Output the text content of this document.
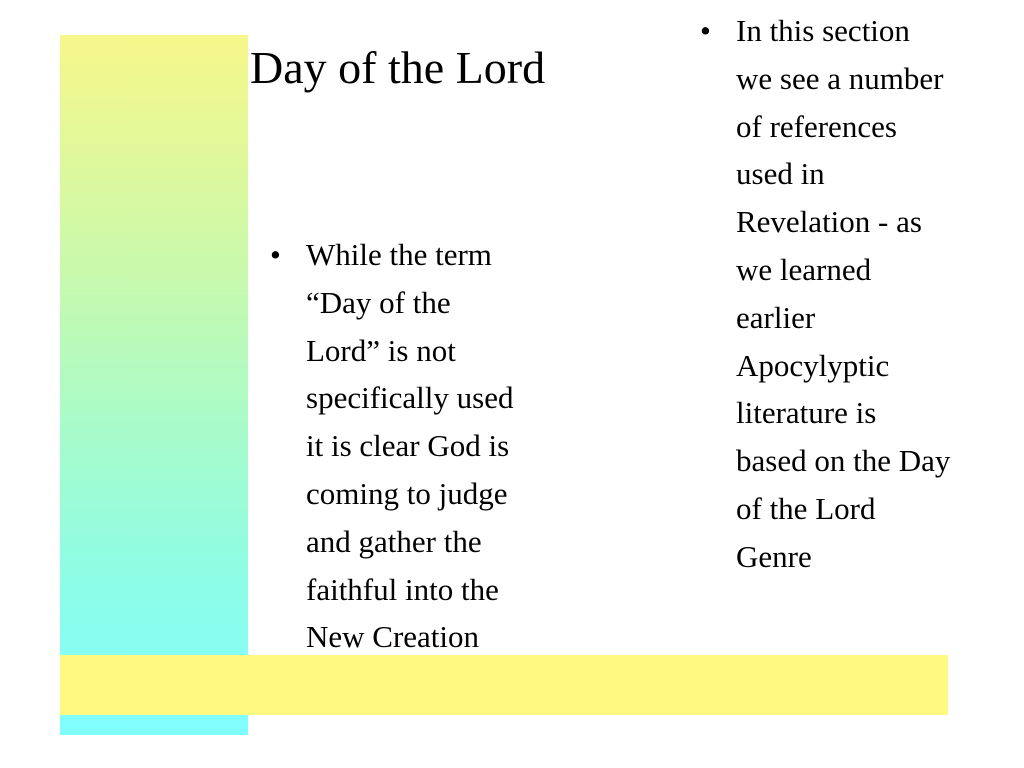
Day of the Lord
• While the term
“Day of the
Lord” is not
specifically used
it is clear God is
coming to judge
and gather the
faithful into the
New Creation
• In this section
we see a number
of references
used in
Revelation - as
we learned
earlier
Apocylyptic
literature is
based on the Day
of the Lord
Genre
